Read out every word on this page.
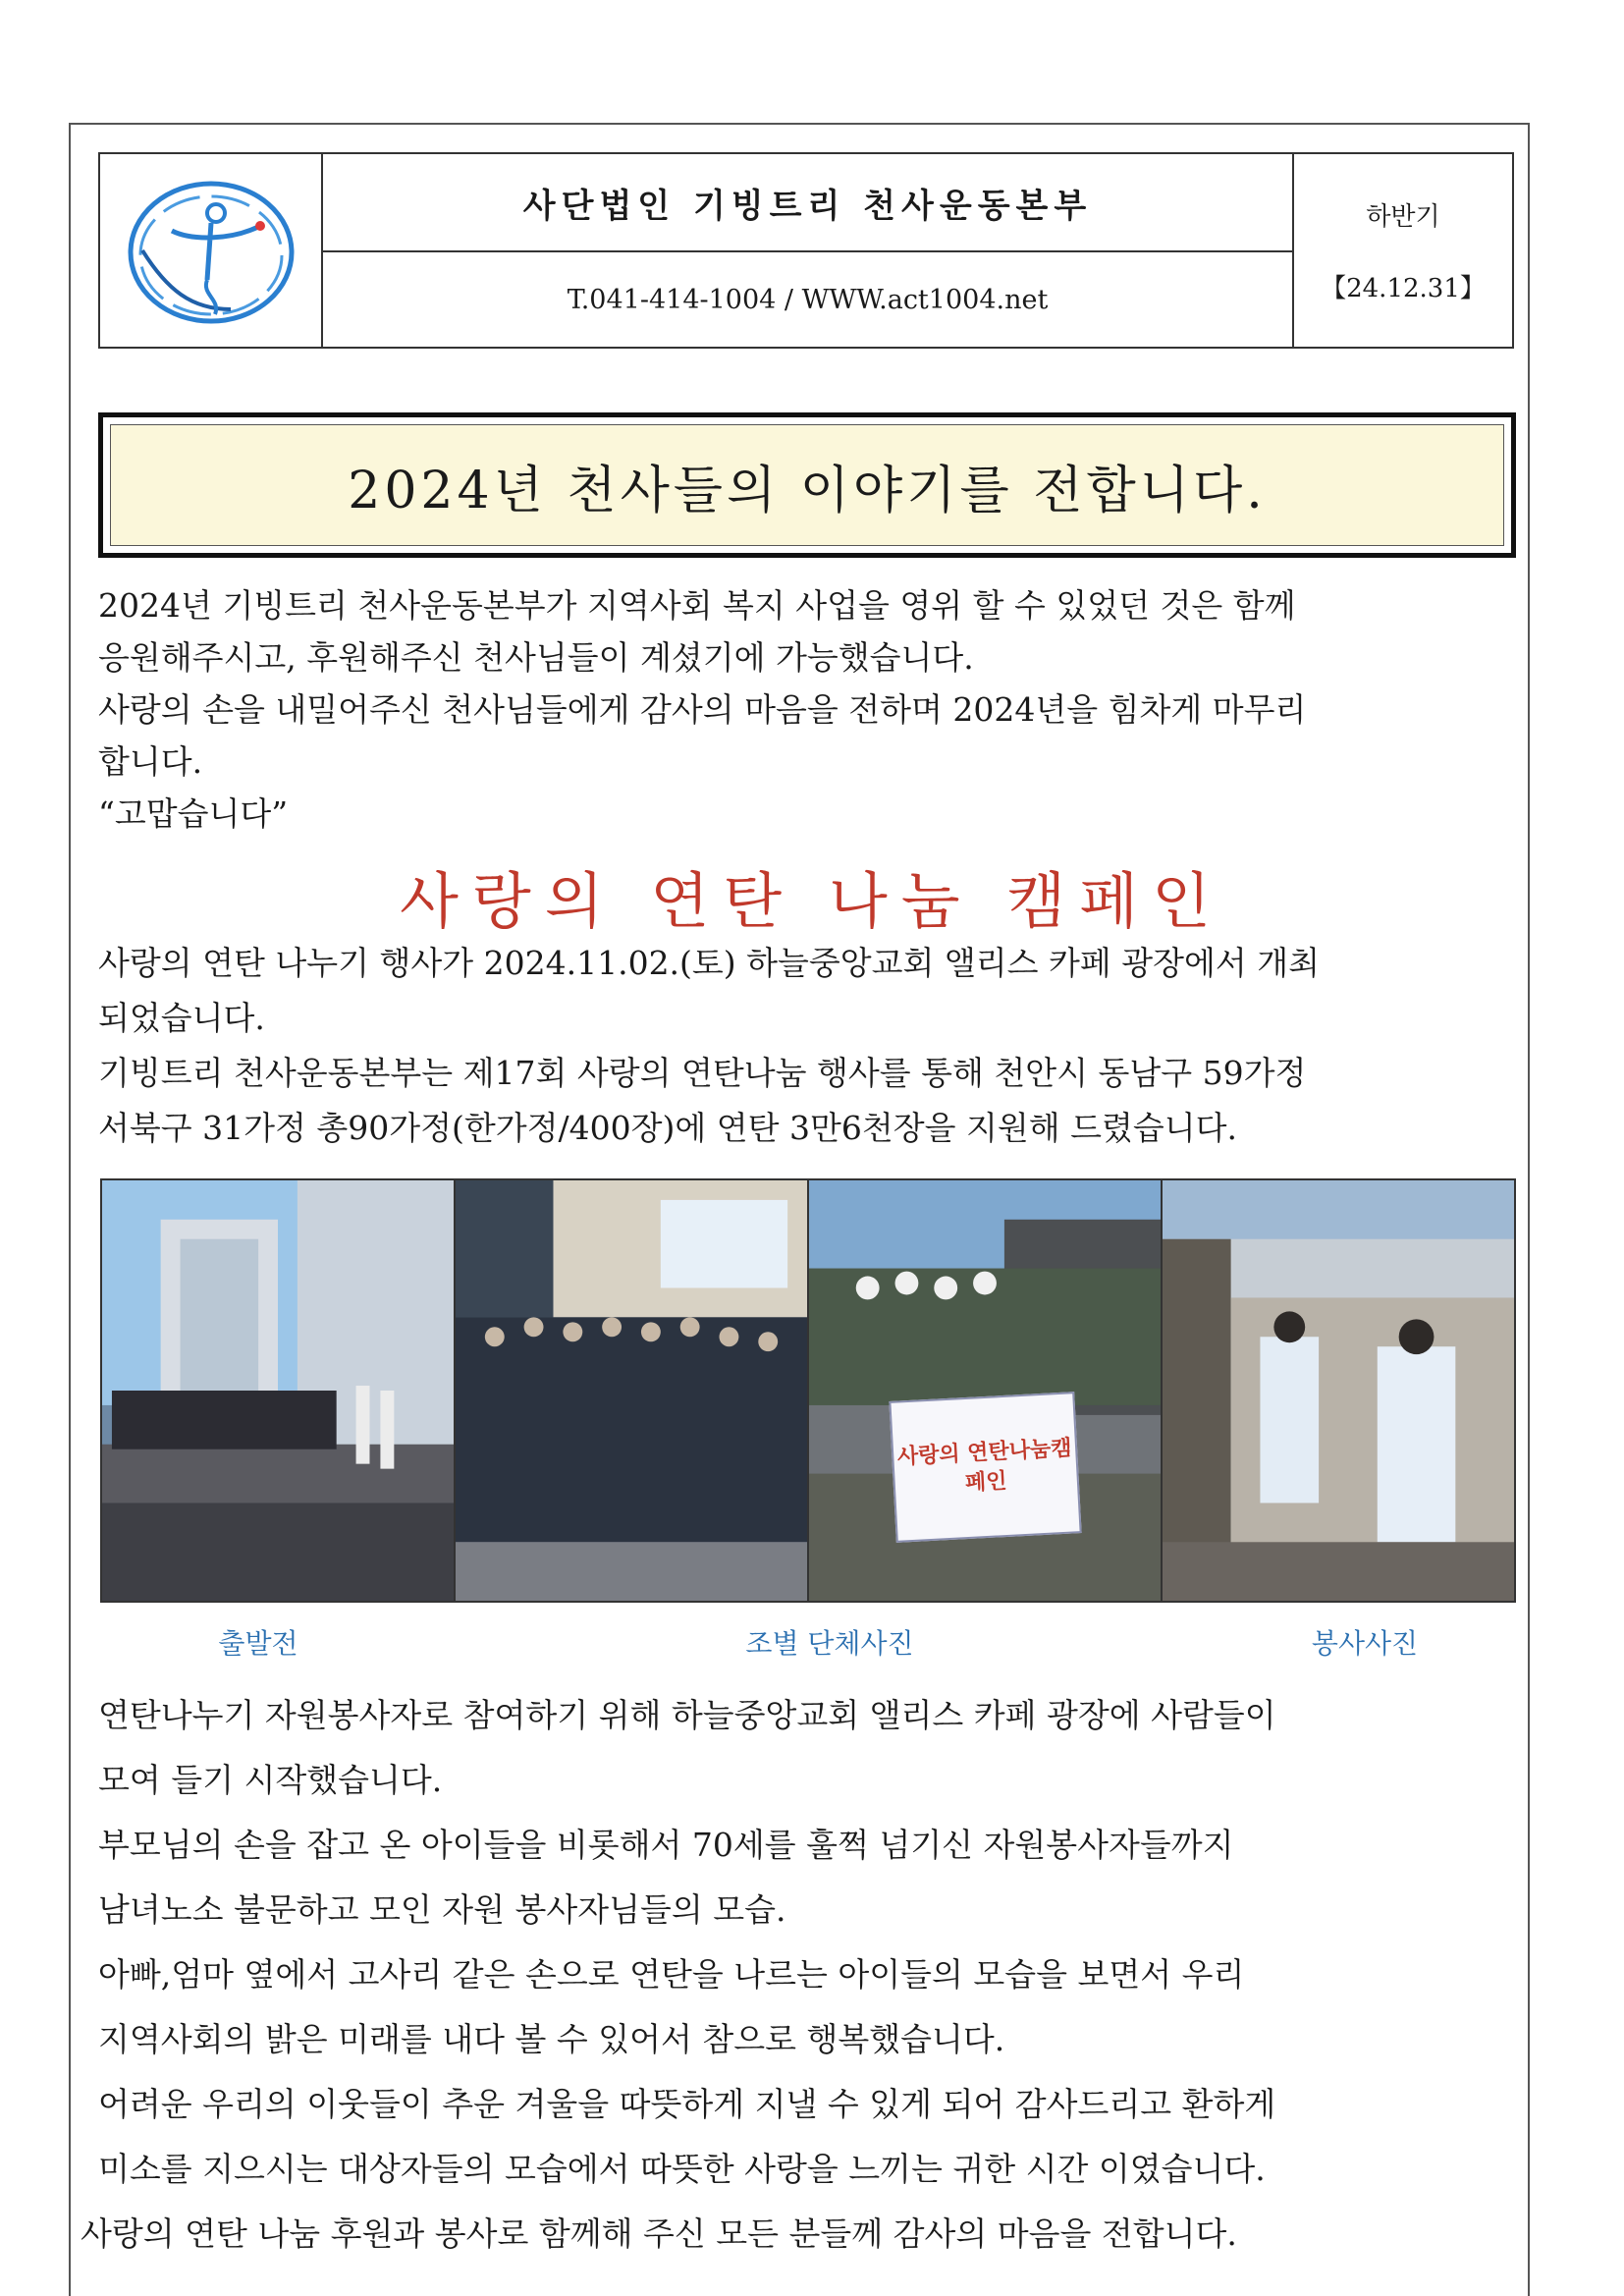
사단법인 기빙트리 천사운동본부
T.041-414-1004 / WWW.act1004.net
하반기
【24.12.31】
2024년 천사들의 이야기를 전합니다.

2024년 기빙트리 천사운동본부가 지역사회 복지 사업을 영위 할 수 있었던 것은 함께

응원해주시고, 후원해주신 천사님들이 계셨기에 가능했습니다.

사랑의 손을 내밀어주신 천사님들에게 감사의 마음을 전하며 2024년을 힘차게 마무리

합니다.

“고맙습니다”

사랑의 연탄 나눔 캠페인

사랑의 연탄 나누기 행사가 2024.11.02.(토) 하늘중앙교회 앨리스 카페 광장에서 개최

되었습니다.

기빙트리 천사운동본부는 제17회 사랑의 연탄나눔 행사를 통해 천안시 동남구 59가정

서북구 31가정 총90가정(한가정/400장)에 연탄 3만6천장을 지원해 드렸습니다.

사랑의 연탄나눔캠페인
출발전	조별 단체사진	봉사사진

연탄나누기 자원봉사자로 참여하기 위해 하늘중앙교회 앨리스 카페 광장에 사람들이

모여 들기 시작했습니다.

부모님의 손을 잡고 온 아이들을 비롯해서 70세를 훌쩍 넘기신 자원봉사자들까지

남녀노소 불문하고 모인 자원 봉사자님들의 모습.

아빠,엄마 옆에서 고사리 같은 손으로 연탄을 나르는 아이들의 모습을 보면서 우리

지역사회의 밝은 미래를 내다 볼 수 있어서 참으로 행복했습니다.

어려운 우리의 이웃들이 추운 겨울을 따뜻하게 지낼 수 있게 되어 감사드리고 환하게

미소를 지으시는 대상자들의 모습에서 따뜻한 사랑을 느끼는 귀한 시간 이였습니다.

사랑의 연탄 나눔 후원과 봉사로 함께해 주신 모든 분들께 감사의 마음을 전합니다.
